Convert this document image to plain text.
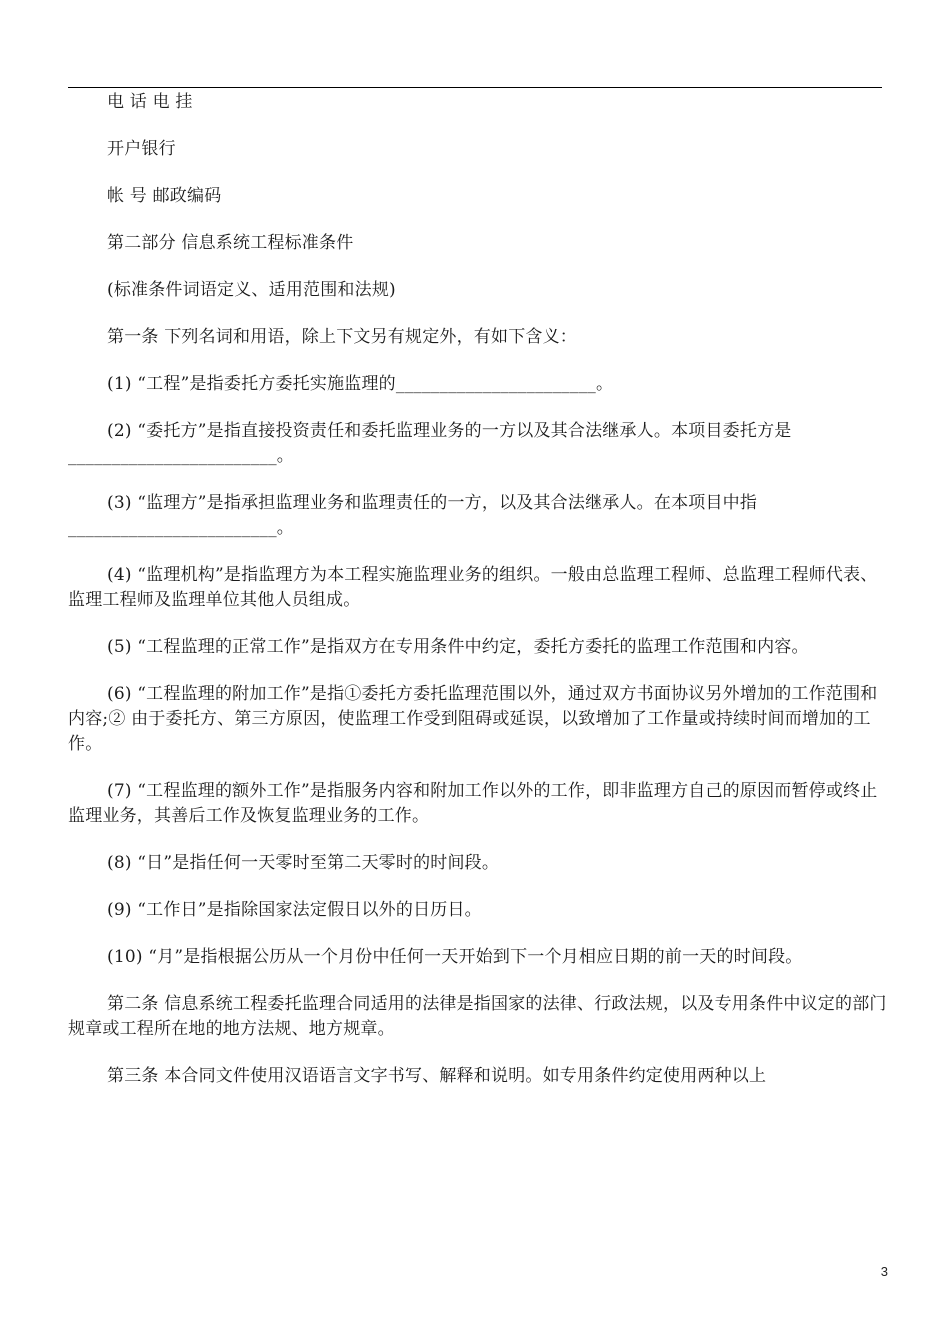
电 话 电 挂

开户银行

帐 号 邮政编码

第二部分 信息系统工程标准条件

(标准条件词语定义、适用范围和法规)

第一条 下列名词和用语，除上下文另有规定外，有如下含义：

(1) “工程”是指委托方委托实施监理的_______________________。

(2) “委托方”是指直接投资责任和委托监理业务的一方以及其合法继承人。本项目委托方是________________________。

(3) “监理方”是指承担监理业务和监理责任的一方，以及其合法继承人。在本项目中指________________________。

(4) “监理机构”是指监理方为本工程实施监理业务的组织。一般由总监理工程师、总监理工程师代表、监理工程师及监理单位其他人员组成。

(5) “工程监理的正常工作”是指双方在专用条件中约定，委托方委托的监理工作范围和内容。

(6) “工程监理的附加工作”是指①委托方委托监理范围以外，通过双方书面协议另外增加的工作范围和内容;② 由于委托方、第三方原因，使监理工作受到阻碍或延误，以致增加了工作量或持续时间而增加的工作。

(7) “工程监理的额外工作”是指服务内容和附加工作以外的工作，即非监理方自己的原因而暂停或终止监理业务，其善后工作及恢复监理业务的工作。

(8) “日”是指任何一天零时至第二天零时的时间段。

(9) “工作日”是指除国家法定假日以外的日历日。

(10) “月”是指根据公历从一个月份中任何一天开始到下一个月相应日期的前一天的时间段。

第二条 信息系统工程委托监理合同适用的法律是指国家的法律、行政法规，以及专用条件中议定的部门规章或工程所在地的地方法规、地方规章。

第三条 本合同文件使用汉语语言文字书写、解释和说明。如专用条件约定使用两种以上

3
